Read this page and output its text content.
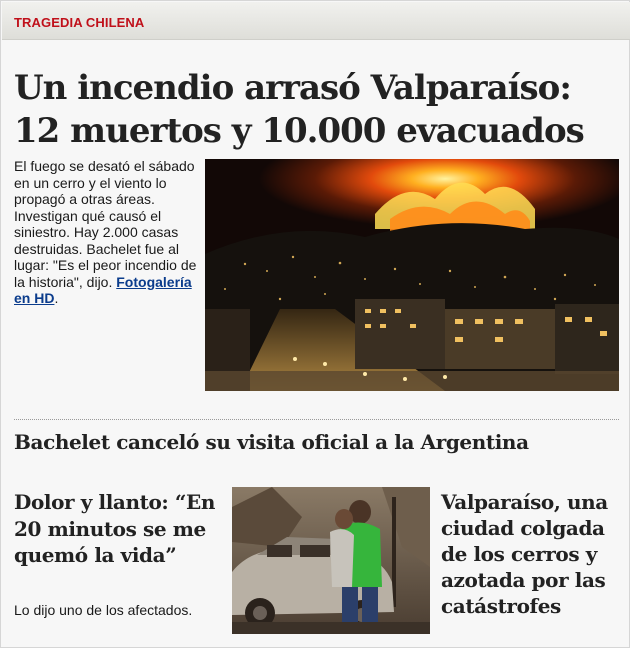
TRAGEDIA CHILENA
Un incendio arrasó Valparaíso: 12 muertos y 10.000 evacuados

El fuego se desató el sábado en un cerro y el viento lo propagó a otras áreas. Investigan qué causó el siniestro. Hay 2.000 casas destruidas. Bachelet fue al lugar: "Es el peor incendio de la historia", dijo. Fotogalería en HD.

Bachelet canceló su visita oficial a la Argentina
Dolor y llanto: “En 20 minutos se me quemó la vida”

Lo dijo uno de los afectados.

Valparaíso, una ciudad colgada de los cerros y azotada por las catástrofes
